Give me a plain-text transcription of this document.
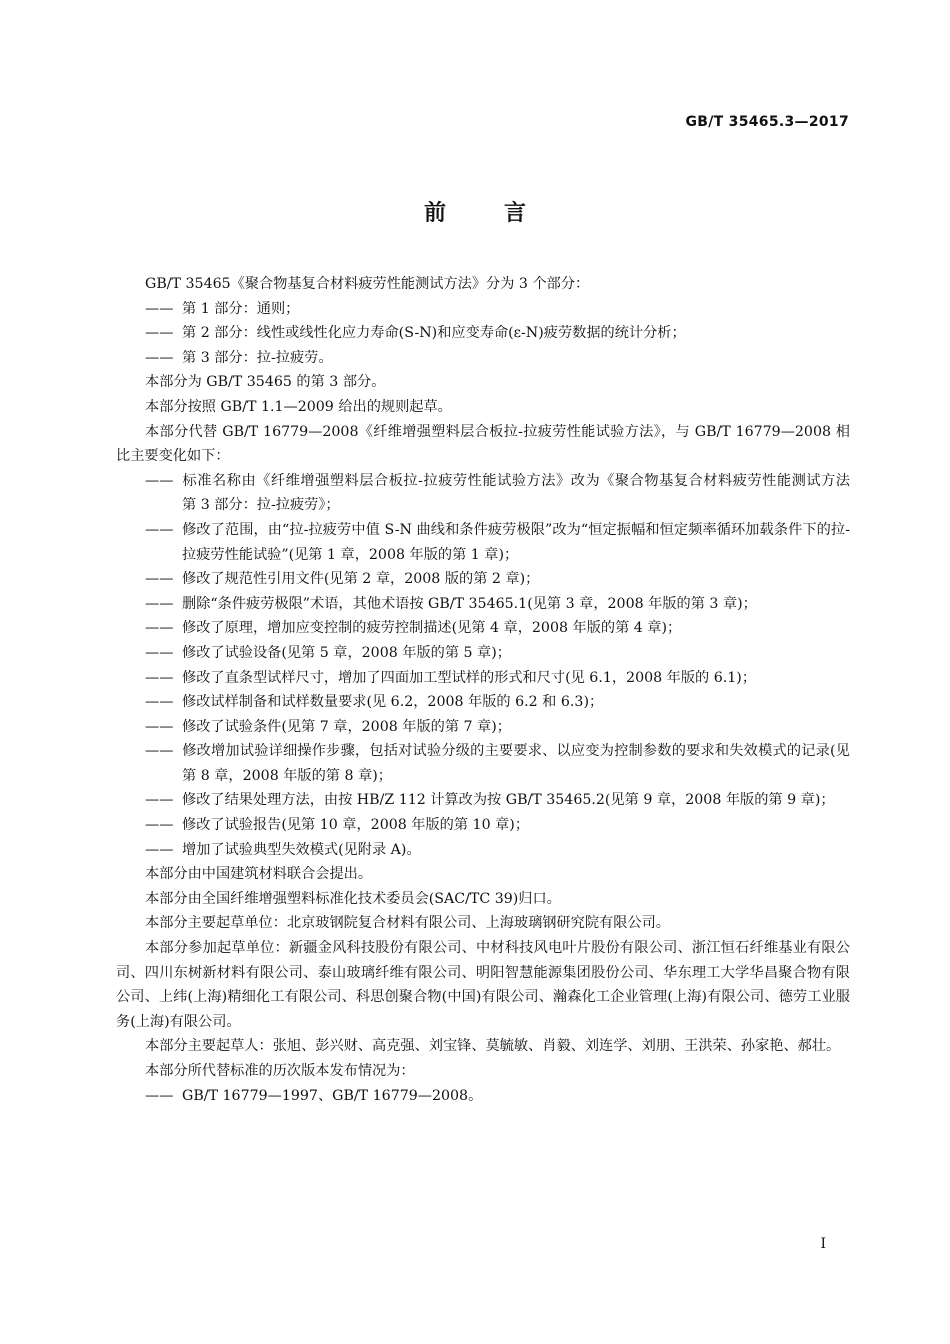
GB/T 35465.3—2017
前言

GB/T 35465《聚合物基复合材料疲劳性能测试方法》分为 3 个部分：

—— 第 1 部分：通则；

—— 第 2 部分：线性或线性化应力寿命(S-N)和应变寿命(ε-N)疲劳数据的统计分析；

—— 第 3 部分：拉-拉疲劳。

本部分为 GB/T 35465 的第 3 部分。

本部分按照 GB/T 1.1—2009 给出的规则起草。

本部分代替 GB/T 16779—2008《纤维增强塑料层合板拉-拉疲劳性能试验方法》，与 GB/T 16779—2008 相比主要变化如下：

—— 标准名称由《纤维增强塑料层合板拉-拉疲劳性能试验方法》改为《聚合物基复合材料疲劳性能测试方法　第 3 部分：拉-拉疲劳》；

—— 修改了范围，由“拉-拉疲劳中值 S-N 曲线和条件疲劳极限”改为“恒定振幅和恒定频率循环加载条件下的拉-拉疲劳性能试验”(见第 1 章，2008 年版的第 1 章)；

—— 修改了规范性引用文件(见第 2 章，2008 版的第 2 章)；

—— 删除“条件疲劳极限”术语，其他术语按 GB/T 35465.1(见第 3 章，2008 年版的第 3 章)；

—— 修改了原理，增加应变控制的疲劳控制描述(见第 4 章，2008 年版的第 4 章)；

—— 修改了试验设备(见第 5 章，2008 年版的第 5 章)；

—— 修改了直条型试样尺寸，增加了四面加工型试样的形式和尺寸(见 6.1，2008 年版的 6.1)；

—— 修改试样制备和试样数量要求(见 6.2，2008 年版的 6.2 和 6.3)；

—— 修改了试验条件(见第 7 章，2008 年版的第 7 章)；

—— 修改增加试验详细操作步骤，包括对试验分级的主要要求、以应变为控制参数的要求和失效模式的记录(见第 8 章，2008 年版的第 8 章)；

—— 修改了结果处理方法，由按 HB/Z 112 计算改为按 GB/T 35465.2(见第 9 章，2008 年版的第 9 章)；

—— 修改了试验报告(见第 10 章，2008 年版的第 10 章)；

—— 增加了试验典型失效模式(见附录 A)。

本部分由中国建筑材料联合会提出。

本部分由全国纤维增强塑料标准化技术委员会(SAC/TC 39)归口。

本部分主要起草单位：北京玻钢院复合材料有限公司、上海玻璃钢研究院有限公司。

本部分参加起草单位：新疆金风科技股份有限公司、中材科技风电叶片股份有限公司、浙江恒石纤维基业有限公司、四川东树新材料有限公司、泰山玻璃纤维有限公司、明阳智慧能源集团股份公司、华东理工大学华昌聚合物有限公司、上纬(上海)精细化工有限公司、科思创聚合物(中国)有限公司、瀚森化工企业管理(上海)有限公司、德劳工业服务(上海)有限公司。

本部分主要起草人：张旭、彭兴财、高克强、刘宝锋、莫毓敏、肖毅、刘连学、刘朋、王洪荣、孙家艳、郝壮。

本部分所代替标准的历次版本发布情况为：

—— GB/T 16779—1997、GB/T 16779—2008。

Ⅰ
